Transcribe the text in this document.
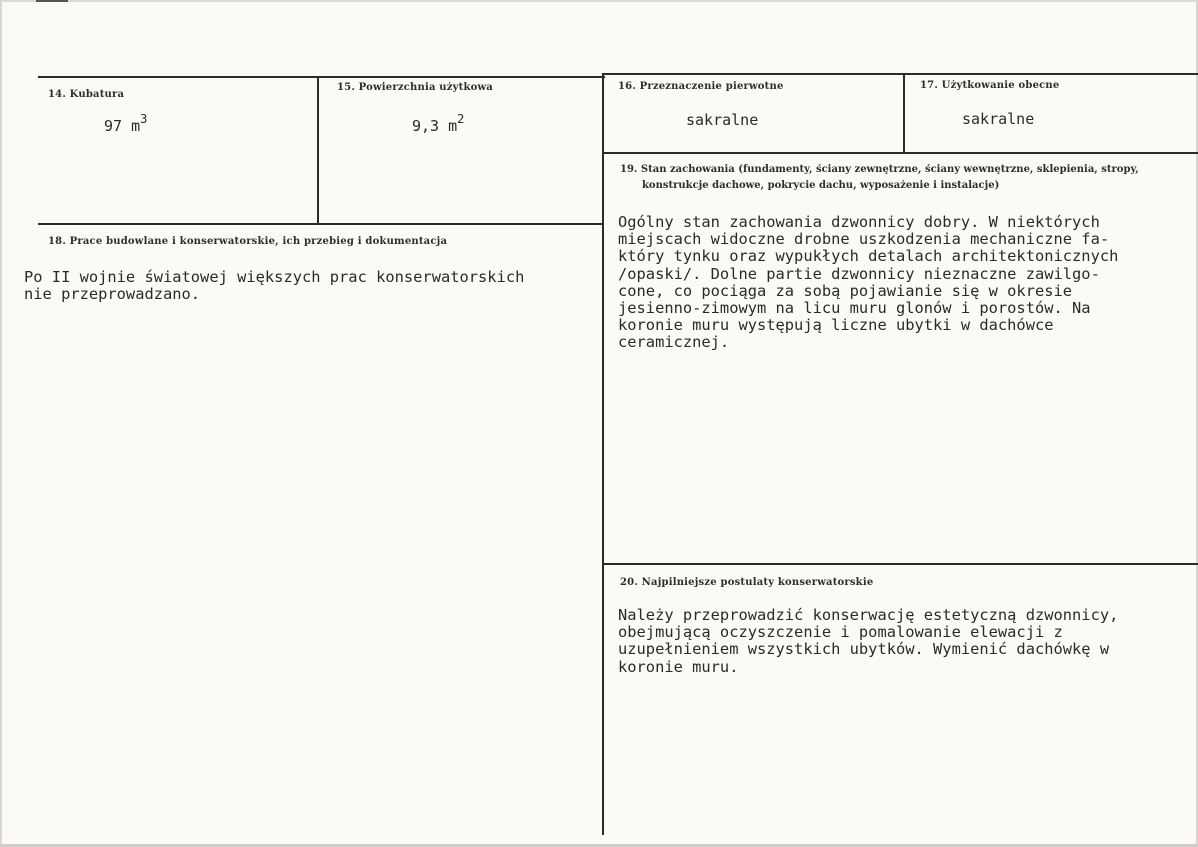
14. Kubatura
97 $m^3$
15. Powierzchnia użytkowa
9,3 $m^2$
16. Przeznaczenie pierwotne
sakralne
17. Użytkowanie obecne
sakralne
18. Prace budowlane i konserwatorskie, ich przebieg i dokumentacja
Po II wojnie światowej większych prac konserwatorskich
nie przeprowadzano.
19. Stan zachowania (fundamenty, ściany zewnętrzne, ściany wewnętrzne, sklepienia, stropy,
konstrukcje dachowe, pokrycie dachu, wyposażenie i instalacje)
Ogólny stan zachowania dzwonnicy dobry. W niektórych
miejscach widoczne drobne uszkodzenia mechaniczne fa-
który tynku oraz wypukłych detalach architektonicznych
/opaski/. Dolne partie dzwonnicy nieznaczne zawilgo-
cone, co pociąga za sobą pojawianie się w okresie
jesienno-zimowym na licu muru glonów i porostów. Na
koronie muru występują liczne ubytki w dachówce
ceramicznej.
20. Najpilniejsze postulaty konserwatorskie
Należy przeprowadzić konserwację estetyczną dzwonnicy,
obejmującą oczyszczenie i pomalowanie elewacji z
uzupełnieniem wszystkich ubytków. Wymienić dachówkę w
koronie muru.
